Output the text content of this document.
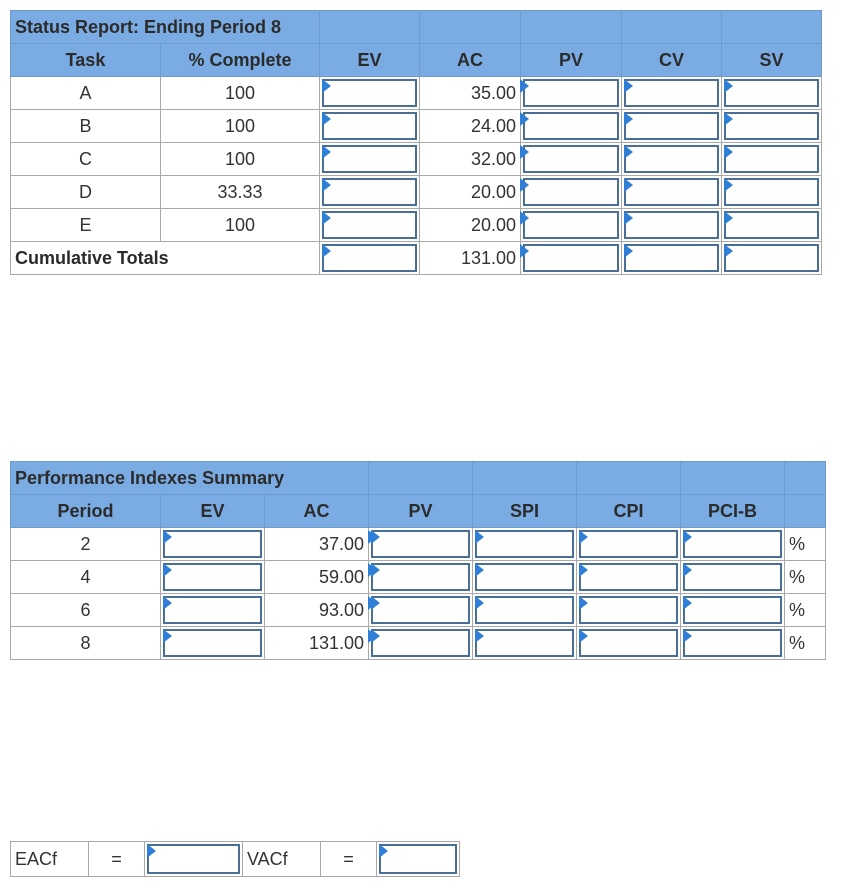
Status Report: Ending Period 8						
Task	% Complete	EV	AC	PV	CV	SV
A	100		35.00

B	100		24.00

C	100		32.00

D	33.33		20.00

E	100		20.00

Cumulative Totals			131.00

Performance Indexes Summary							
Period	EV	AC	PV	SPI	CPI	PCI-B	
2		37.00					%
4		59.00					%
6		93.00					%
8		131.00					%
EACf	=		VACf	=	
